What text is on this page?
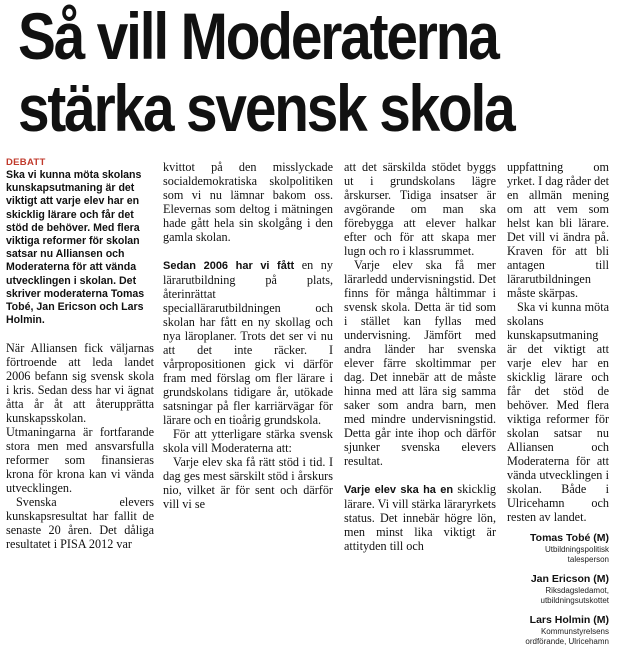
Så vill Moderaterna
stärka svensk skola
DEBATT

Ska vi kunna möta skolans kunskapsutmaning är det viktigt att varje elev har en skicklig lärare och får det stöd de behöver. Med flera viktiga reformer för skolan satsar nu Alliansen och Moderaterna för att vända utvecklingen i skolan. Det skriver moderaterna Tomas Tobé, Jan Ericson och Lars Holmin.

När Alliansen fick väljarnas förtroende att leda landet 2006 befann sig svensk skola i kris. Sedan dess har vi ägnat åtta år åt att återupprätta kunskapsskolan. Utmaningarna är fortfarande stora men med ansvarsfulla reformer som finansieras krona för krona kan vi vända utvecklingen.

Svenska elevers kunskapsresultat har fallit de senaste 20 åren. Det dåliga resultatet i PISA 2012 var

kvittot på den misslyckade socialdemokratiska skolpolitiken som vi nu lämnar bakom oss. Elevernas som deltog i mätningen hade gått hela sin skolgång i den gamla skolan.

Sedan 2006 har vi fått en ny lärarutbildning på plats, återinrättat speciallärarutbildningen och skolan har fått en ny skollag och nya läroplaner. Trots det ser vi nu att det inte räcker. I vårpropositionen gick vi därför fram med förslag om fler lärare i grundskolans tidigare år, utökade satsningar på fler karriärvägar för lärare och en tioårig grundskola.

För att ytterligare stärka svensk skola vill Moderaterna att:

Varje elev ska få rätt stöd i tid. I dag ges mest särskilt stöd i årskurs nio, vilket är för sent och därför vill vi se

att det särskilda stödet byggs ut i grundskolans lägre årskurser. Tidiga insatser är avgörande om man ska förebygga att elever halkar efter och för att skapa mer lugn och ro i klassrummet.

Varje elev ska få mer lärarledd undervisningstid. Det finns för många håltimmar i svensk skola. Detta är tid som i stället kan fyllas med undervisning. Jämfört med andra länder har svenska elever färre skoltimmar per dag. Det innebär att de måste hinna med att lära sig samma saker som andra barn, men med mindre undervisningstid. Detta går inte ihop och därför sjunker svenska elevers resultat.

Varje elev ska ha en skicklig lärare. Vi vill stärka läraryrkets status. Det innebär högre lön, men minst lika viktigt är attityden till och

uppfattning om yrket. I dag råder det en allmän mening om att vem som helst kan bli lärare. Det vill vi ändra på. Kraven för att bli antagen till lärarutbildningen måste skärpas.

Ska vi kunna möta skolans kunskapsutmaning är det viktigt att varje elev har en skicklig lärare och får det stöd de behöver. Med flera viktiga reformer för skolan satsar nu Alliansen och Moderaterna för att vända utvecklingen i skolan. Både i Ulricehamn och resten av landet.

Tomas Tobé (M)
Utbildningspolitisk talesperson
Jan Ericson (M)
Riksdagsledamot, utbildningsutskottet
Lars Holmin (M)
Kommunstyrelsens ordförande, Ulricehamn
